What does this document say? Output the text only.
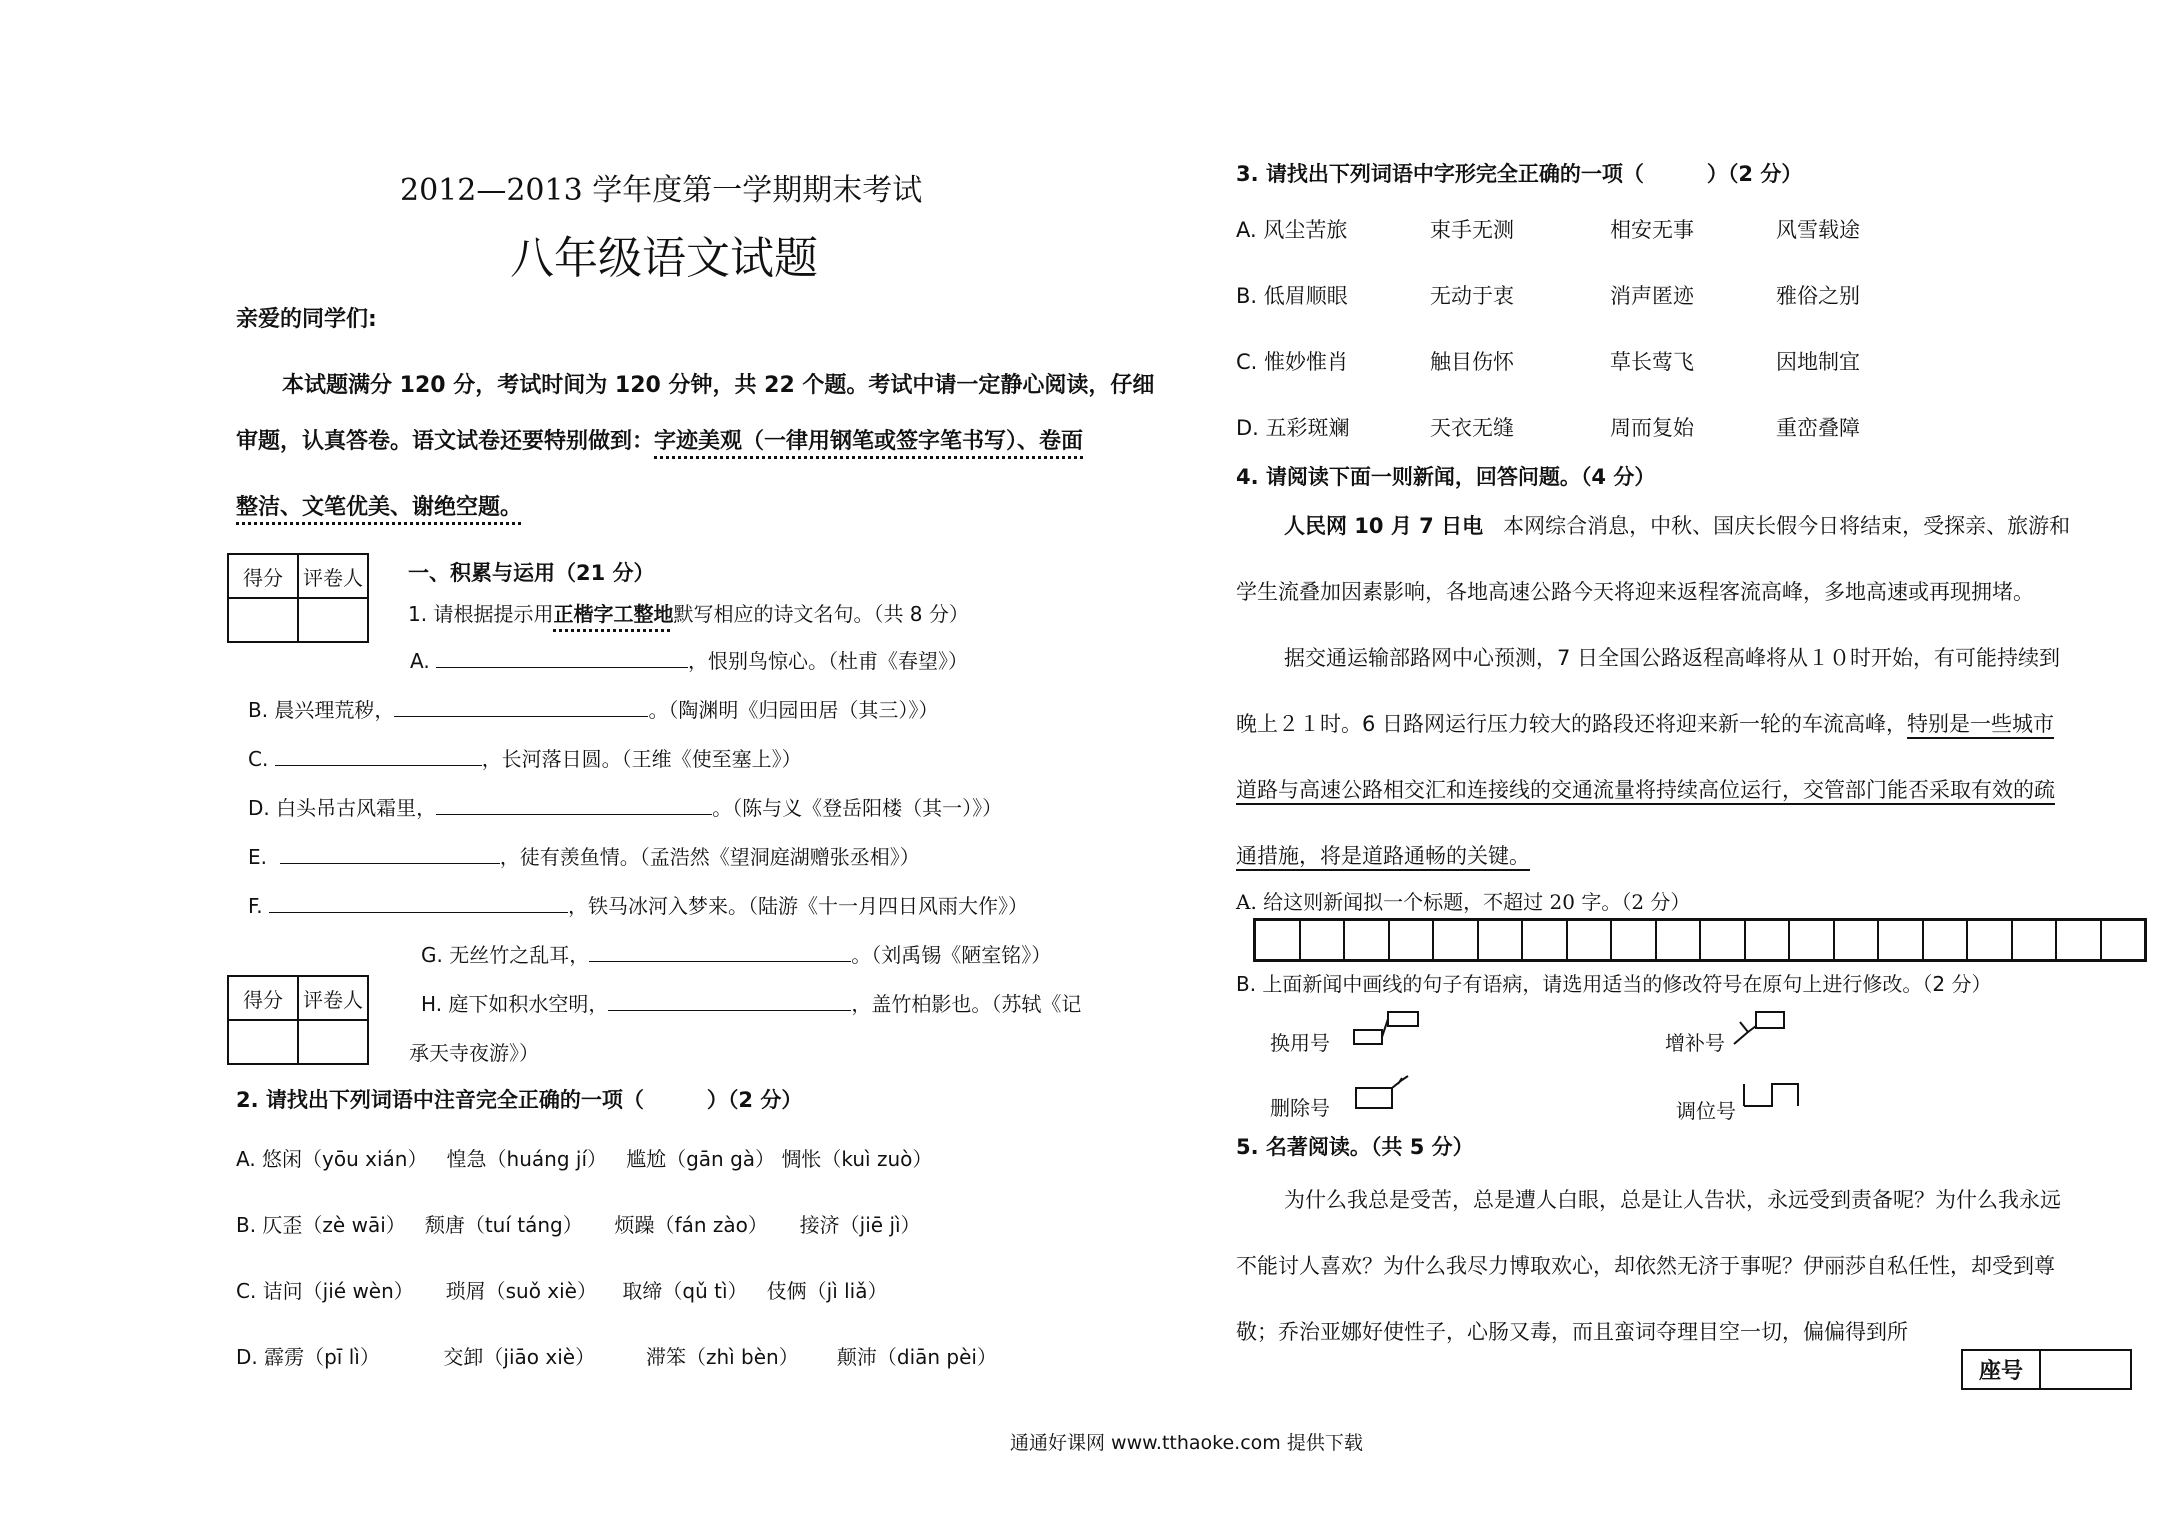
2012—2013 学年度第一学期期末考试
八年级语文试题
亲爱的同学们:
本试题满分 120 分，考试时间为 120 分钟，共 22 个题。考试中请一定静心阅读，仔细
审题，认真答卷。语文试卷还要特别做到：字迹美观（一律用钢笔或签字笔书写）、卷面
整洁、文笔优美、谢绝空题。
得分	评卷人
	一、积累与运用（21 分）
1. 请根据提示用正楷字工整地默写相应的诗文名句。（共 8 分）
A.	，恨别鸟惊心。（杜甫《春望》）
B. 晨兴理荒秽，	。（陶渊明《归园田居（其三）》）
C.	，长河落日圆。（王维《使至塞上》）
D. 白头吊古风霜里，	。（陈与义《登岳阳楼（其一）》）
E.	，徒有羡鱼情。（孟浩然《望洞庭湖赠张丞相》）
F.	，铁马冰河入梦来。（陆游《十一月四日风雨大作》）
G. 无丝竹之乱耳，	。（刘禹锡《陋室铭》）
得分	评卷人
		H. 庭下如积水空明，	，盖竹柏影也。（苏轼《记
承天寺夜游》）
2. 请找出下列词语中注音完全正确的一项（　　　）（2 分）
A. 悠闲（yōu xián） 惶急（huáng jí） 尴尬（gān gà） 惆怅（kuì zuò）
B. 仄歪（zè wāi） 颓唐（tuí táng） 烦躁（fán zào） 接济（jiē jì）
C. 诘问（jié wèn） 琐屑（suǒ xiè） 取缔（qǔ tì） 伎俩（jì liǎ）
D. 霹雳（pī lì）	交卸（jiāo xiè）	滞笨（zhì bèn） 颠沛（diān pèi）
3. 请找出下列词语中字形完全正确的一项（　　　）（2 分）
A. 风尘苦旅	束手无测	相安无事	风雪载途
B. 低眉顺眼	无动于衷	消声匿迹	雅俗之别
C. 惟妙惟肖	触目伤怀	草长莺飞	因地制宜
D. 五彩斑斓	天衣无缝	周而复始	重峦叠障
4. 请阅读下面一则新闻，回答问题。（4 分）
人民网 10 月 7 日电 本网综合消息，中秋、国庆长假今日将结束，受探亲、旅游和
学生流叠加因素影响，各地高速公路今天将迎来返程客流高峰，多地高速或再现拥堵。
据交通运输部路网中心预测，7 日全国公路返程高峰将从１０时开始，有可能持续到
晚上２１时。6 日路网运行压力较大的路段还将迎来新一轮的车流高峰，特别是一些城市
道路与高速公路相交汇和连接线的交通流量将持续高位运行，交管部门能否采取有效的疏
通措施，将是道路通畅的关键。
A. 给这则新闻拟一个标题，不超过 20 字。（2 分）
B. 上面新闻中画线的句子有语病，请选用适当的修改符号在原句上进行修改。（2 分）
换用号	增补号
删除号	调位号
5. 名著阅读。（共 5 分）
为什么我总是受苦，总是遭人白眼，总是让人告状，永远受到责备呢？为什么我永远
不能讨人喜欢？为什么我尽力博取欢心，却依然无济于事呢？伊丽莎自私任性，却受到尊
敬；乔治亚娜好使性子，心肠又毒，而且蛮词夺理目空一切，偏偏得到所
座号
通通好课网 www.tthaoke.com 提供下载
